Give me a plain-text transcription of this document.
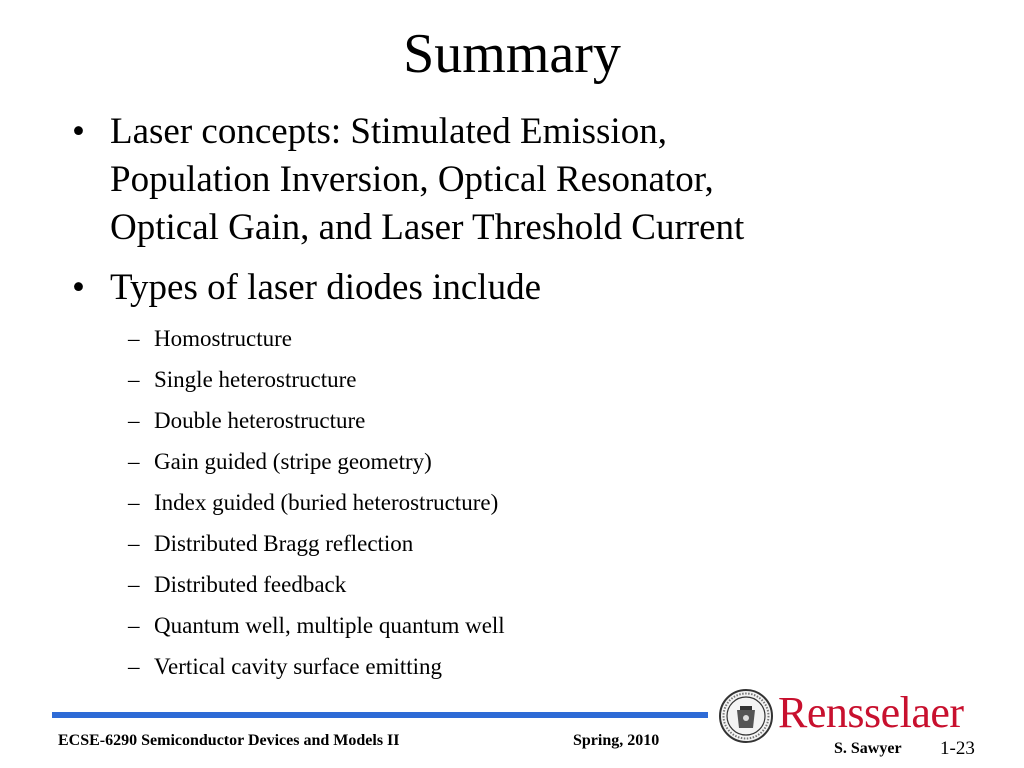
Summary
• Laser concepts: Stimulated Emission,
Population Inversion, Optical Resonator,
Optical Gain, and Laser Threshold Current
• Types of laser diodes include
– Homostructure
– Single heterostructure
– Double heterostructure
– Gain guided (stripe geometry)
– Index guided (buried heterostructure)
– Distributed Bragg reflection
– Distributed feedback
– Quantum well, multiple quantum well
– Vertical cavity surface emitting
ECSE-6290 Semiconductor Devices and Models II	Spring, 2010
Rensselaer
S. Sawyer 1-23
